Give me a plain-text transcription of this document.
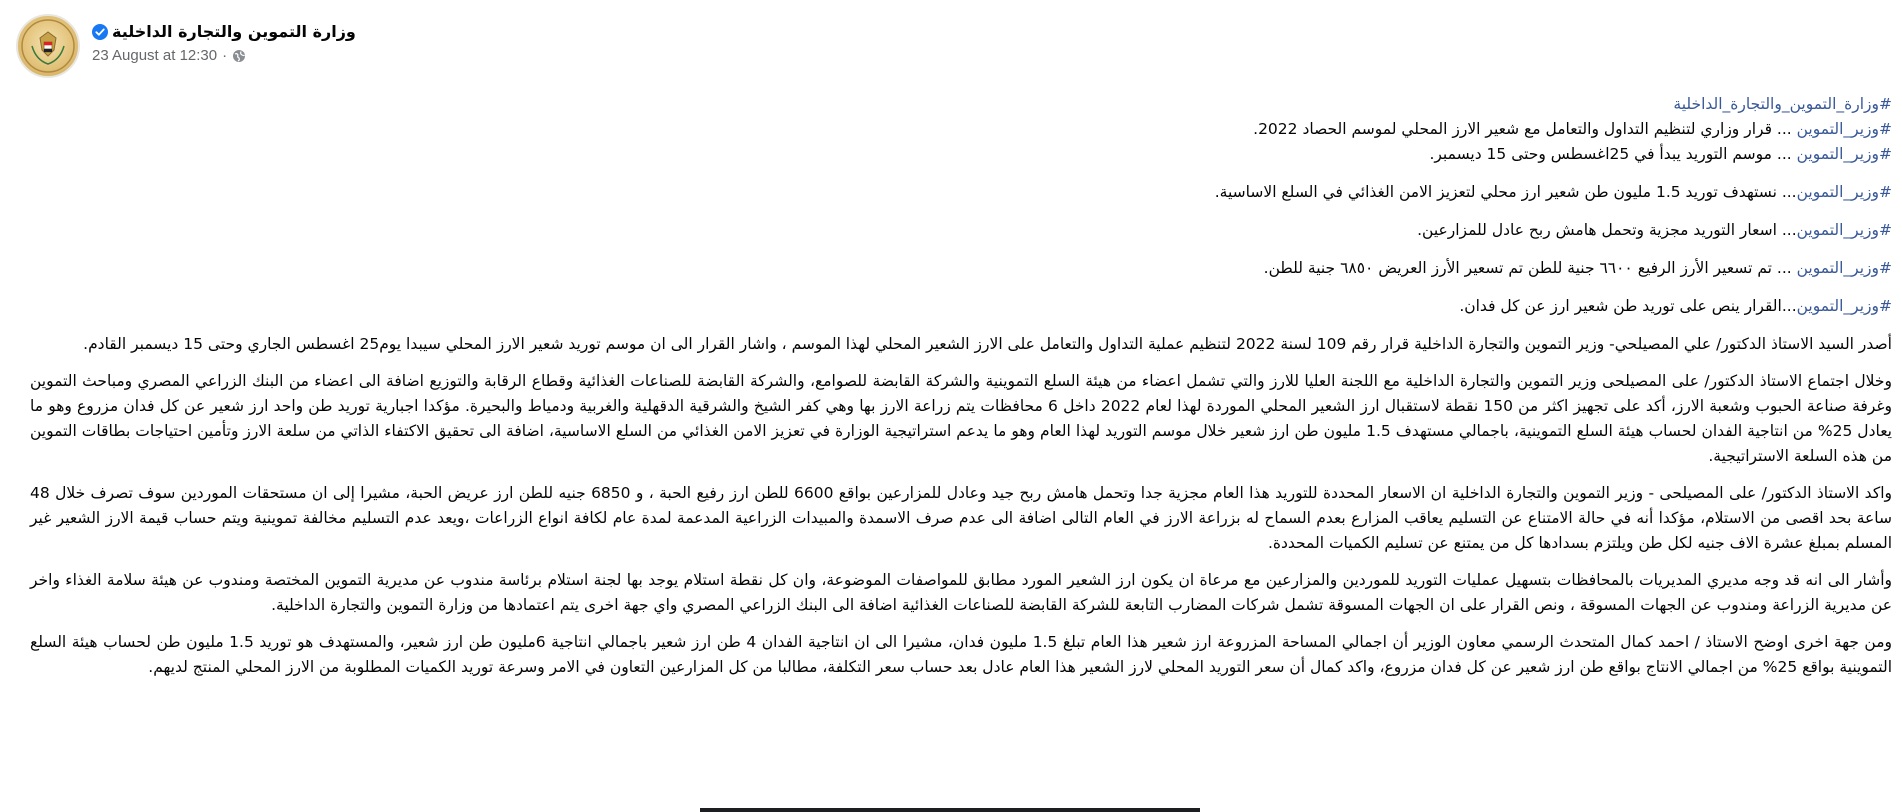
وزارة التموين والتجارة الداخلية
23 August at 12:30 ·
#وزارة_التموين_والتجارة_الداخلية
#وزير_التموين ... قرار وزاري لتنظيم التداول والتعامل مع شعير الارز المحلي لموسم الحصاد 2022.
#وزير_التموين ... موسم التوريد يبدأ في 25اغسطس وحتى 15 ديسمبر.
#وزير_التموين... نستهدف توريد 1.5 مليون طن شعير ارز محلي لتعزيز الامن الغذائي في السلع الاساسية.
#وزير_التموين... اسعار التوريد مجزية وتحمل هامش ربح عادل للمزارعين.
#وزير_التموين ... تم تسعير الأرز الرفيع ٦٦٠٠ جنية للطن تم تسعير الأرز العريض ٦٨٥٠ جنية للطن.
#وزير_التموين...القرار ينص على توريد طن شعير ارز عن كل فدان.
أصدر السيد الاستاذ الدكتور/ علي المصيلحي- وزير التموين والتجارة الداخلية قرار رقم 109 لسنة 2022 لتنظيم عملية التداول والتعامل على الارز الشعير المحلي لهذا الموسم ، واشار القرار الى ان موسم توريد شعير الارز المحلي سيبدا يوم25 اغسطس الجاري وحتى 15 ديسمبر القادم.
وخلال اجتماع الاستاذ الدكتور/ على المصيلحى وزير التموين والتجارة الداخلية مع اللجنة العليا للارز والتي تشمل اعضاء من هيئة السلع التموينية والشركة القابضة للصوامع، والشركة القابضة للصناعات الغذائية وقطاع الرقابة والتوزيع اضافة الى اعضاء من البنك الزراعي المصري ومباحث التموين وغرفة صناعة الحبوب وشعبة الارز، أكد على تجهيز اكثر من 150 نقطة لاستقبال ارز الشعير المحلي الموردة لهذا لعام 2022 داخل 6 محافظات يتم زراعة الارز بها وهي كفر الشيخ والشرقية الدقهلية والغربية ودمياط والبحيرة. مؤكدا اجبارية توريد طن واحد ارز شعير عن كل فدان مزروع وهو ما يعادل 25% من انتاجية الفدان لحساب هيئة السلع التموينية، باجمالي مستهدف 1.5 مليون طن ارز شعير خلال موسم التوريد لهذا العام وهو ما يدعم استراتيجية الوزارة في تعزيز الامن الغذائي من السلع الاساسية، اضافة الى تحقيق الاكتفاء الذاتي من سلعة الارز وتأمين احتياجات بطاقات التموين من هذه السلعة الاستراتيجية.
واكد الاستاذ الدكتور/ على المصيلحى - وزير التموين والتجارة الداخلية ان الاسعار المحددة للتوريد هذا العام مجزية جدا وتحمل هامش ربح جيد وعادل للمزارعين بواقع 6600 للطن ارز رفيع الحبة ، و 6850 جنيه للطن ارز عريض الحبة، مشيرا إلى ان مستحقات الموردين سوف تصرف خلال 48 ساعة بحد اقصى من الاستلام، مؤكدا أنه في حالة الامتناع عن التسليم يعاقب المزارع بعدم السماح له بزراعة الارز في العام التالى اضافة الى عدم صرف الاسمدة والمبيدات الزراعية المدعمة لمدة عام لكافة انواع الزراعات ،ويعد عدم التسليم مخالفة تموينية ويتم حساب قيمة الارز الشعير غير المسلم بمبلغ عشرة الاف جنيه لكل طن ويلتزم بسدادها كل من يمتنع عن تسليم الكميات المحددة.
وأشار الى انه قد وجه مديري المديريات بالمحافظات بتسهيل عمليات التوريد للموردين والمزارعين مع مرعاة ان يكون ارز الشعير المورد مطابق للمواصفات الموضوعة، وان كل نقطة استلام يوجد بها لجنة استلام برئاسة مندوب عن مديرية التموين المختصة ومندوب عن هيئة سلامة الغذاء واخر عن مديرية الزراعة ومندوب عن الجهات المسوقة ، ونص القرار على ان الجهات المسوقة تشمل شركات المضارب التابعة للشركة القابضة للصناعات الغذائية اضافة الى البنك الزراعي المصري واي جهة اخرى يتم اعتمادها من وزارة التموين والتجارة الداخلية.
ومن جهة اخرى اوضح الاستاذ / احمد كمال المتحدث الرسمي معاون الوزير أن اجمالي المساحة المزروعة ارز شعير هذا العام تبلغ 1.5 مليون فدان، مشيرا الى ان انتاجية الفدان 4 طن ارز شعير باجمالي انتاجية 6مليون طن ارز شعير، والمستهدف هو توريد 1.5 مليون طن لحساب هيئة السلع التموينية بواقع 25% من اجمالي الانتاج بواقع طن ارز شعير عن كل فدان مزروع، واكد كمال أن سعر التوريد المحلي لارز الشعير هذا العام عادل بعد حساب سعر التكلفة، مطالبا من كل المزارعين التعاون في الامر وسرعة توريد الكميات المطلوبة من الارز المحلي المنتج لديهم.
